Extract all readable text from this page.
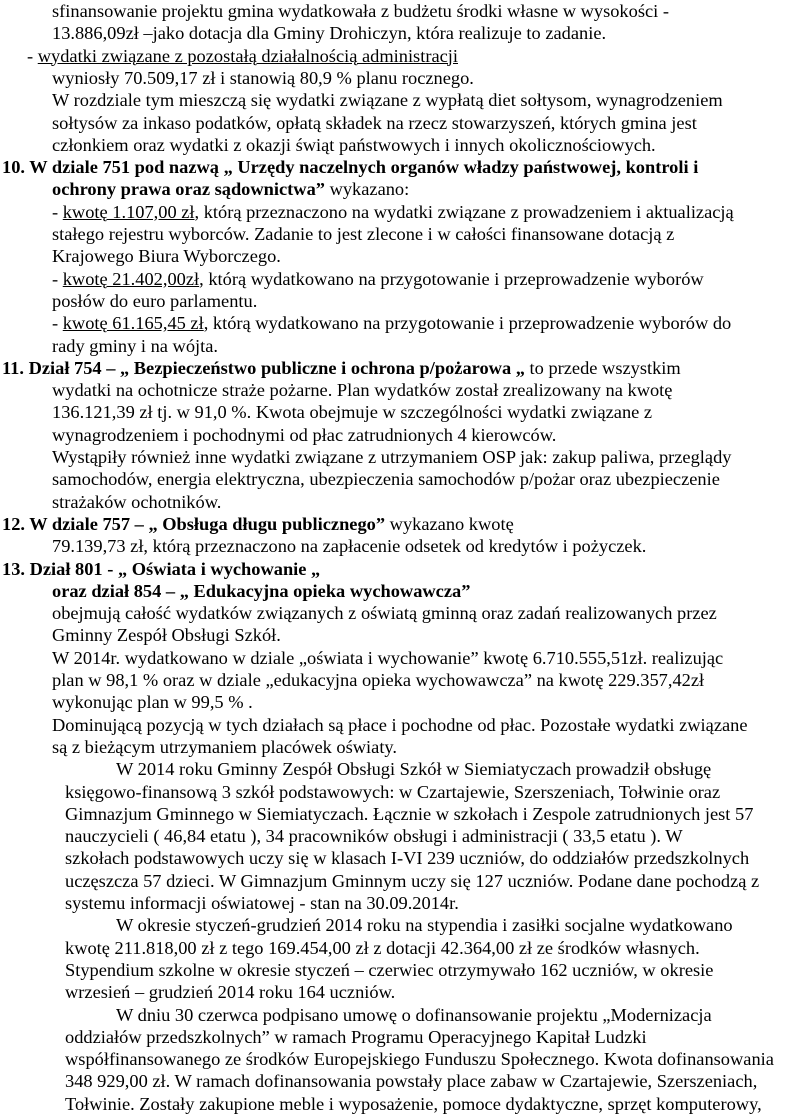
sfinansowanie projektu gmina wydatkowała z budżetu środki własne w wysokości -
13.886,09zł –jako dotacja dla Gminy Drohiczyn, która realizuje to zadanie.
- wydatki związane z pozostałą działalnością administracji
wyniosły 70.509,17 zł i stanowią 80,9 % planu rocznego.
W rozdziale tym mieszczą się wydatki związane z wypłatą diet sołtysom, wynagrodzeniem
sołtysów za inkaso podatków, opłatą składek na rzecz stowarzyszeń, których gmina jest
członkiem oraz wydatki z okazji świąt państwowych i innych okolicznościowych.
10. W dziale 751 pod nazwą „ Urzędy naczelnych organów władzy państwowej, kontroli i
ochrony prawa oraz sądownictwa” wykazano:
- kwotę 1.107,00 zł, którą przeznaczono na wydatki związane z prowadzeniem i aktualizacją
stałego rejestru wyborców. Zadanie to jest zlecone i w całości finansowane dotacją z
Krajowego Biura Wyborczego.
- kwotę 21.402,00zł, którą wydatkowano na przygotowanie i przeprowadzenie wyborów
posłów do euro parlamentu.
- kwotę 61.165,45 zł, którą wydatkowano na przygotowanie i przeprowadzenie wyborów do
rady gminy i na wójta.
11. Dział 754 – „ Bezpieczeństwo publiczne i ochrona p/pożarowa „ to przede wszystkim
wydatki na ochotnicze straże pożarne. Plan wydatków został zrealizowany na kwotę
136.121,39 zł tj. w 91,0 %. Kwota obejmuje w szczególności wydatki związane z
wynagrodzeniem i pochodnymi od płac zatrudnionych 4 kierowców.
Wystąpiły również inne wydatki związane z utrzymaniem OSP jak: zakup paliwa, przeglądy
samochodów, energia elektryczna, ubezpieczenia samochodów p/pożar oraz ubezpieczenie
strażaków ochotników.
12. W dziale 757 – „ Obsługa długu publicznego” wykazano kwotę
79.139,73 zł, którą przeznaczono na zapłacenie odsetek od kredytów i pożyczek.
13. Dział 801 - „ Oświata i wychowanie „
oraz dział 854 – „ Edukacyjna opieka wychowawcza”
obejmują całość wydatków związanych z oświatą gminną oraz zadań realizowanych przez
Gminny Zespół Obsługi Szkół.
W 2014r. wydatkowano w dziale „oświata i wychowanie” kwotę 6.710.555,51zł. realizując
plan w 98,1 % oraz w dziale „edukacyjna opieka wychowawcza” na kwotę 229.357,42zł
wykonując plan w 99,5 % .
Dominującą pozycją w tych działach są płace i pochodne od płac. Pozostałe wydatki związane
są z bieżącym utrzymaniem placówek oświaty.
W 2014 roku Gminny Zespół Obsługi Szkół w Siemiatyczach prowadził obsługę
księgowo-finansową 3 szkół podstawowych: w Czartajewie, Szerszeniach, Tołwinie oraz
Gimnazjum Gminnego w Siemiatyczach. Łącznie w szkołach i Zespole zatrudnionych jest 57
nauczycieli ( 46,84 etatu ), 34 pracowników obsługi i administracji ( 33,5 etatu ). W
szkołach podstawowych uczy się w klasach I-VI 239 uczniów, do oddziałów przedszkolnych
uczęszcza 57 dzieci. W Gimnazjum Gminnym uczy się 127 uczniów. Podane dane pochodzą z
systemu informacji oświatowej - stan na 30.09.2014r.
W okresie styczeń-grudzień 2014 roku na stypendia i zasiłki socjalne wydatkowano
kwotę 211.818,00 zł z tego 169.454,00 zł z dotacji 42.364,00 zł ze środków własnych.
Stypendium szkolne w okresie styczeń – czerwiec otrzymywało 162 uczniów, w okresie
wrzesień – grudzień 2014 roku 164 uczniów.
W dniu 30 czerwca podpisano umowę o dofinansowanie projektu „Modernizacja
oddziałów przedszkolnych” w ramach Programu Operacyjnego Kapitał Ludzki
współfinansowanego ze środków Europejskiego Funduszu Społecznego. Kwota dofinansowania
348 929,00 zł. W ramach dofinansowania powstały place zabaw w Czartajewie, Szerszeniach,
Tołwinie. Zostały zakupione meble i wyposażenie, pomoce dydaktyczne, sprzęt komputerowy,
